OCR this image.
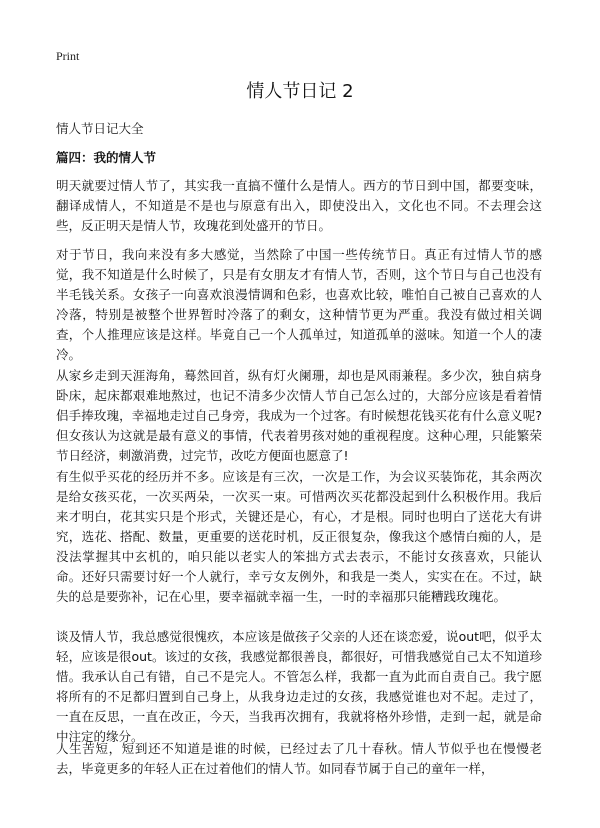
Print
情人节日记 2
情人节日记大全
篇四：我的情人节

明天就要过情人节了，其实我一直搞不懂什么是情人。西方的节日到中国，都要变味，翻译成情人，不知道是不是也与原意有出入，即使没出入，文化也不同。不去理会这些，反正明天是情人节，玫瑰花到处盛开的节日。

对于节日，我向来没有多大感觉，当然除了中国一些传统节日。真正有过情人节的感觉，我不知道是什么时候了，只是有女朋友才有情人节，否则，这个节日与自己也没有半毛钱关系。女孩子一向喜欢浪漫情调和色彩，也喜欢比较，唯怕自己被自己喜欢的人冷落，特别是被整个世界暂时冷落了的剩女，这种情节更为严重。我没有做过相关调查，个人推理应该是这样。毕竟自己一个人孤单过，知道孤单的滋味。知道一个人的凄冷。

从家乡走到天涯海角，蓦然回首，纵有灯火阑珊，却也是风雨兼程。多少次，独自病身卧床，起床都艰难地熬过，也记不清多少次情人节自己怎么过的，大部分应该是看着情侣手捧玫瑰，幸福地走过自己身旁，我成为一个过客。有时候想花钱买花有什么意义呢?但女孩认为这就是最有意义的事情，代表着男孩对她的重视程度。这种心理，只能繁荣节日经济，刺激消费，过完节，改吃方便面也愿意了!

有生似乎买花的经历并不多。应该是有三次，一次是工作，为会议买装饰花，其余两次是给女孩买花，一次买两朵，一次买一束。可惜两次买花都没起到什么积极作用。我后来才明白，花其实只是个形式，关键还是心，有心，才是根。同时也明白了送花大有讲究，选花、搭配、数量，更重要的送花时机，反正很复杂，像我这个感情白痴的人，是没法掌握其中玄机的，咱只能以老实人的笨拙方式去表示，不能讨女孩喜欢，只能认命。还好只需要讨好一个人就行，幸亏女友例外，和我是一类人，实实在在。不过，缺失的总是要弥补，记在心里，要幸福就幸福一生，一时的幸福那只能糟践玫瑰花。

谈及情人节，我总感觉很愧疚，本应该是做孩子父亲的人还在谈恋爱，说out吧，似乎太轻，应该是很out。该过的女孩，我感觉都很善良，都很好，可惜我感觉自己太不知道珍惜。我承认自己有错，自己不是完人。不管怎么样，我都一直为此而自责自己。我宁愿将所有的不足都归置到自己身上，从我身边走过的女孩，我感觉谁也对不起。走过了，一直在反思，一直在改正，今天，当我再次拥有，我就将格外珍惜，走到一起，就是命中注定的缘分。

人生苦短，短到还不知道是谁的时候，已经过去了几十春秋。情人节似乎也在慢慢老去，毕竟更多的年轻人正在过着他们的情人节。如同春节属于自己的童年一样，
